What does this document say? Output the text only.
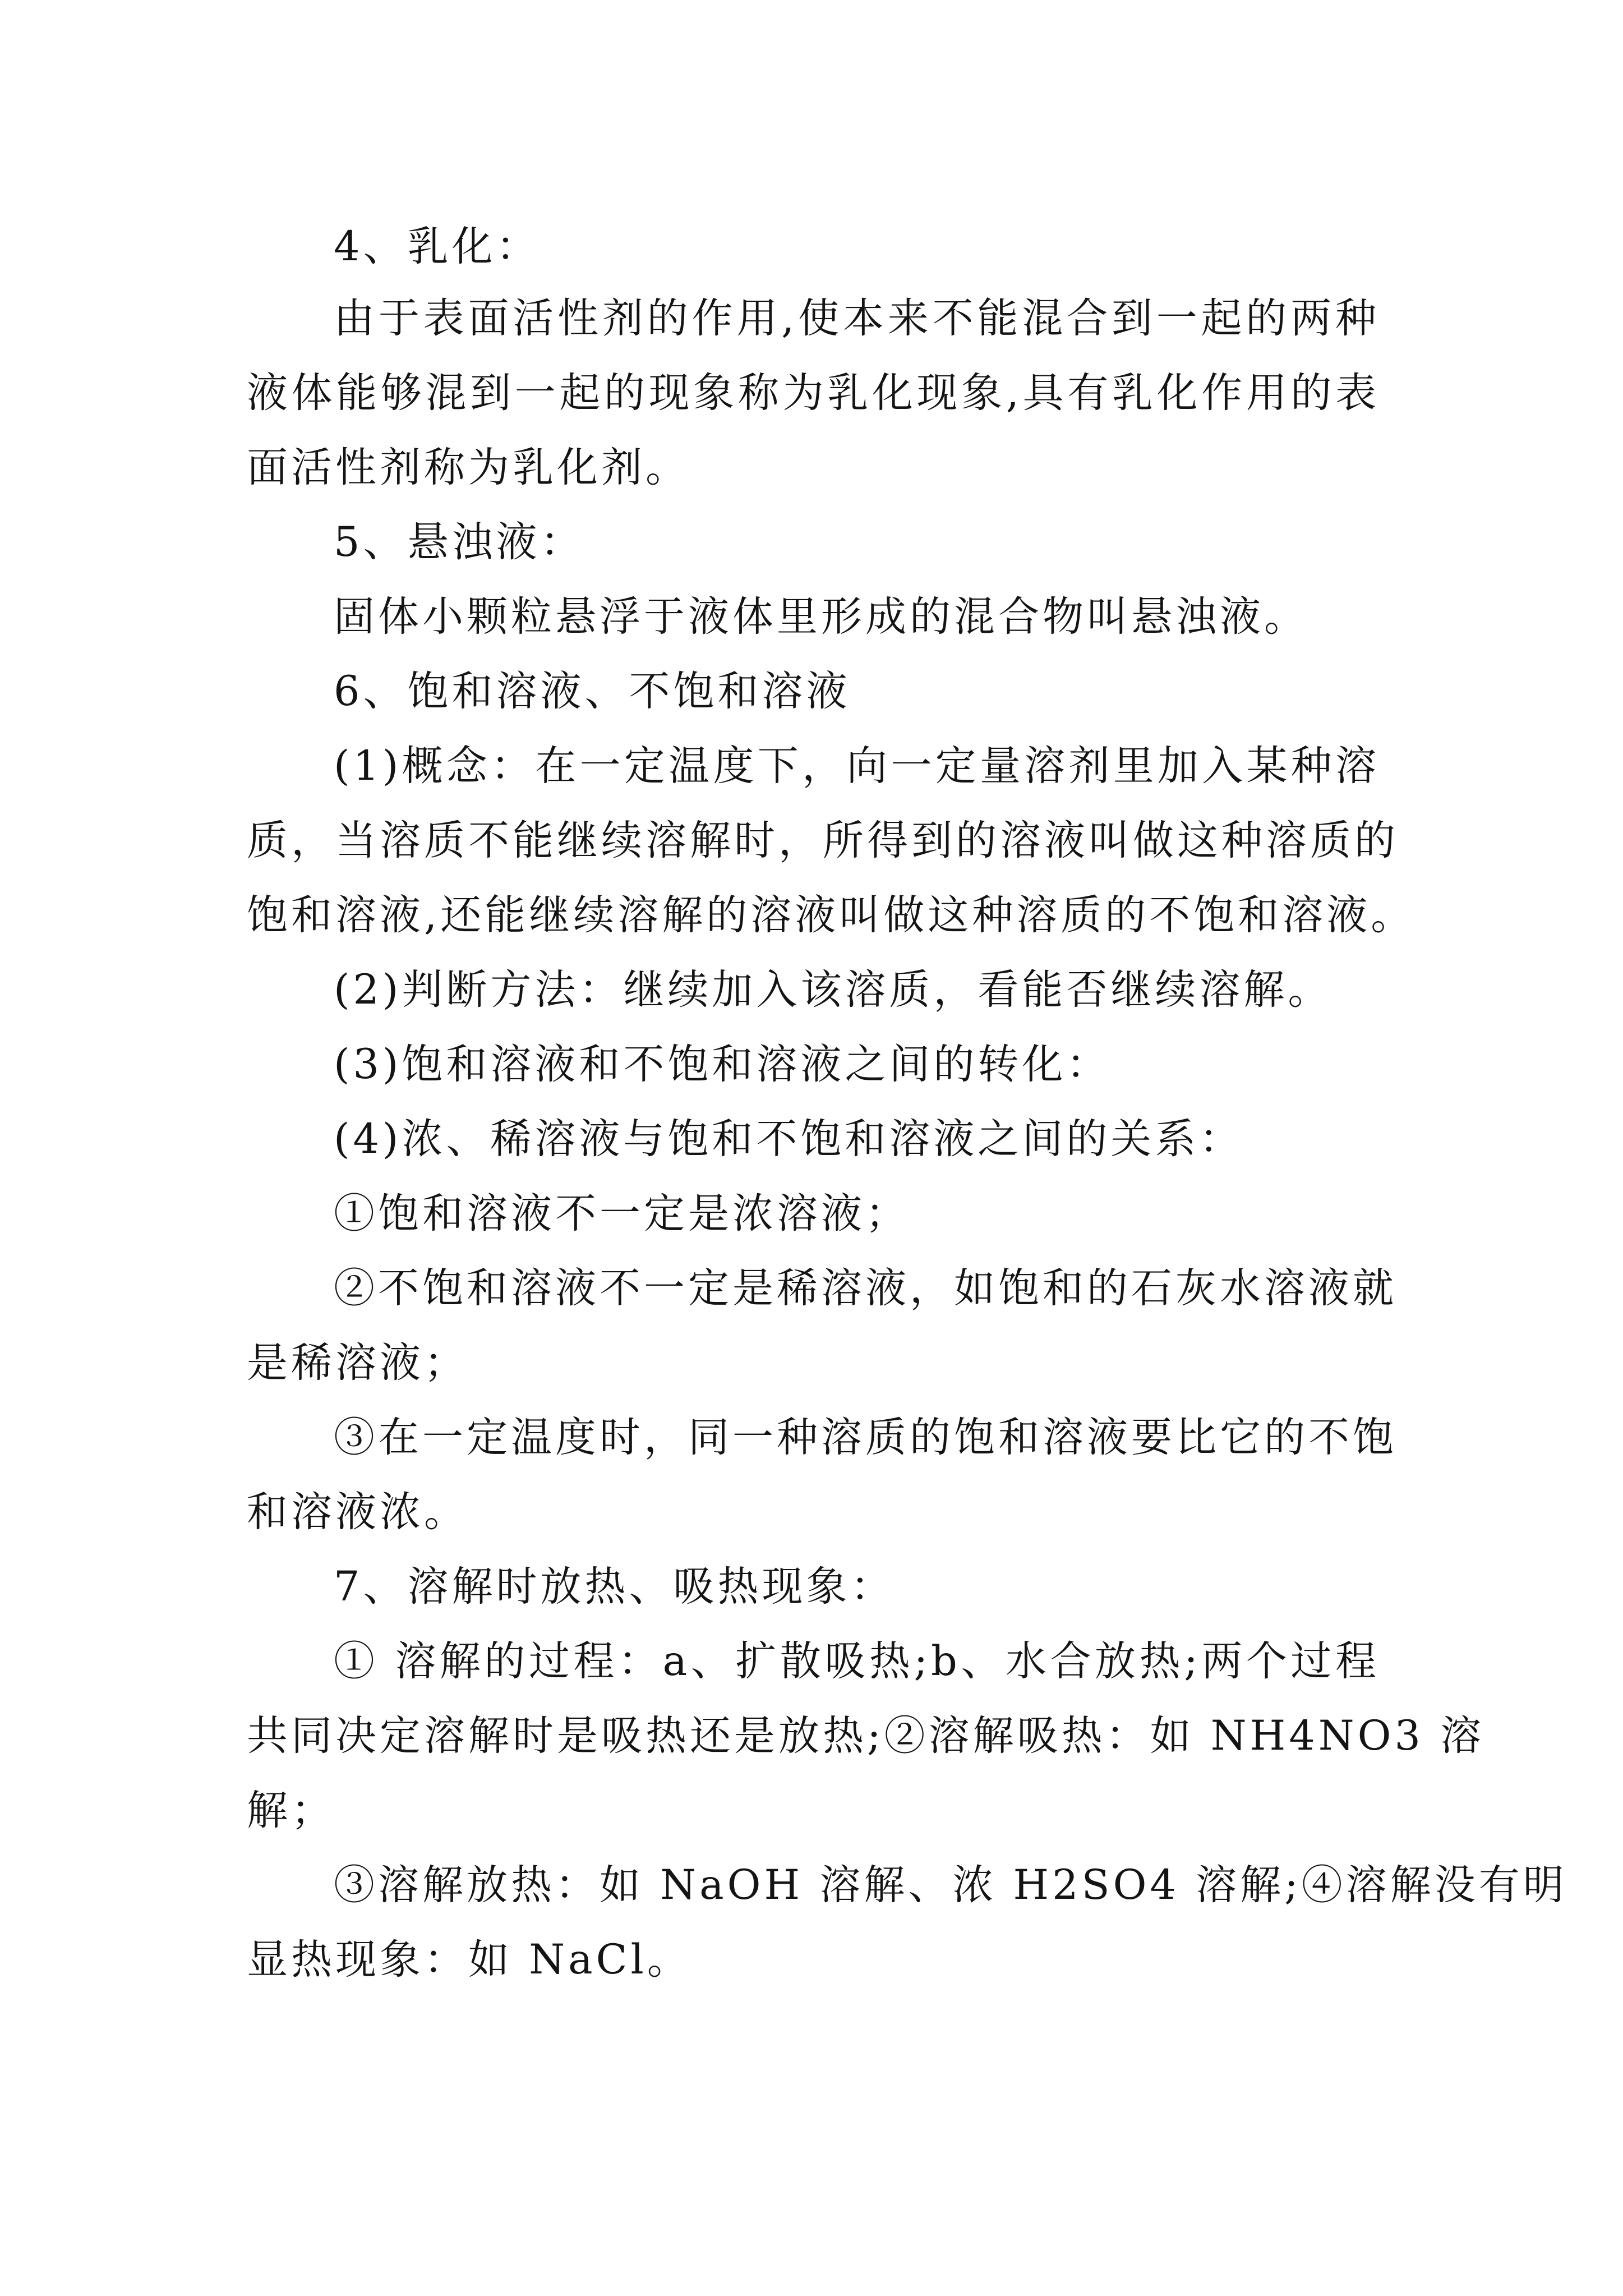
4、乳化：
由于表面活性剂的作用,使本来不能混合到一起的两种
液体能够混到一起的现象称为乳化现象,具有乳化作用的表
面活性剂称为乳化剂。
5、悬浊液：
固体小颗粒悬浮于液体里形成的混合物叫悬浊液。
6、饱和溶液、不饱和溶液
(1)概念：在一定温度下，向一定量溶剂里加入某种溶
质，当溶质不能继续溶解时，所得到的溶液叫做这种溶质的
饱和溶液,还能继续溶解的溶液叫做这种溶质的不饱和溶液。
(2)判断方法：继续加入该溶质，看能否继续溶解。
(3)饱和溶液和不饱和溶液之间的转化：
(4)浓、稀溶液与饱和不饱和溶液之间的关系：
①饱和溶液不一定是浓溶液；
②不饱和溶液不一定是稀溶液，如饱和的石灰水溶液就
是稀溶液；
③在一定温度时，同一种溶质的饱和溶液要比它的不饱
和溶液浓。
7、溶解时放热、吸热现象：
① 溶解的过程：a、扩散吸热;b、水合放热;两个过程
共同决定溶解时是吸热还是放热;②溶解吸热：如 NH4NO3 溶
解；
③溶解放热：如 NaOH 溶解、浓 H2SO4 溶解;④溶解没有明
显热现象：如 NaCl。
